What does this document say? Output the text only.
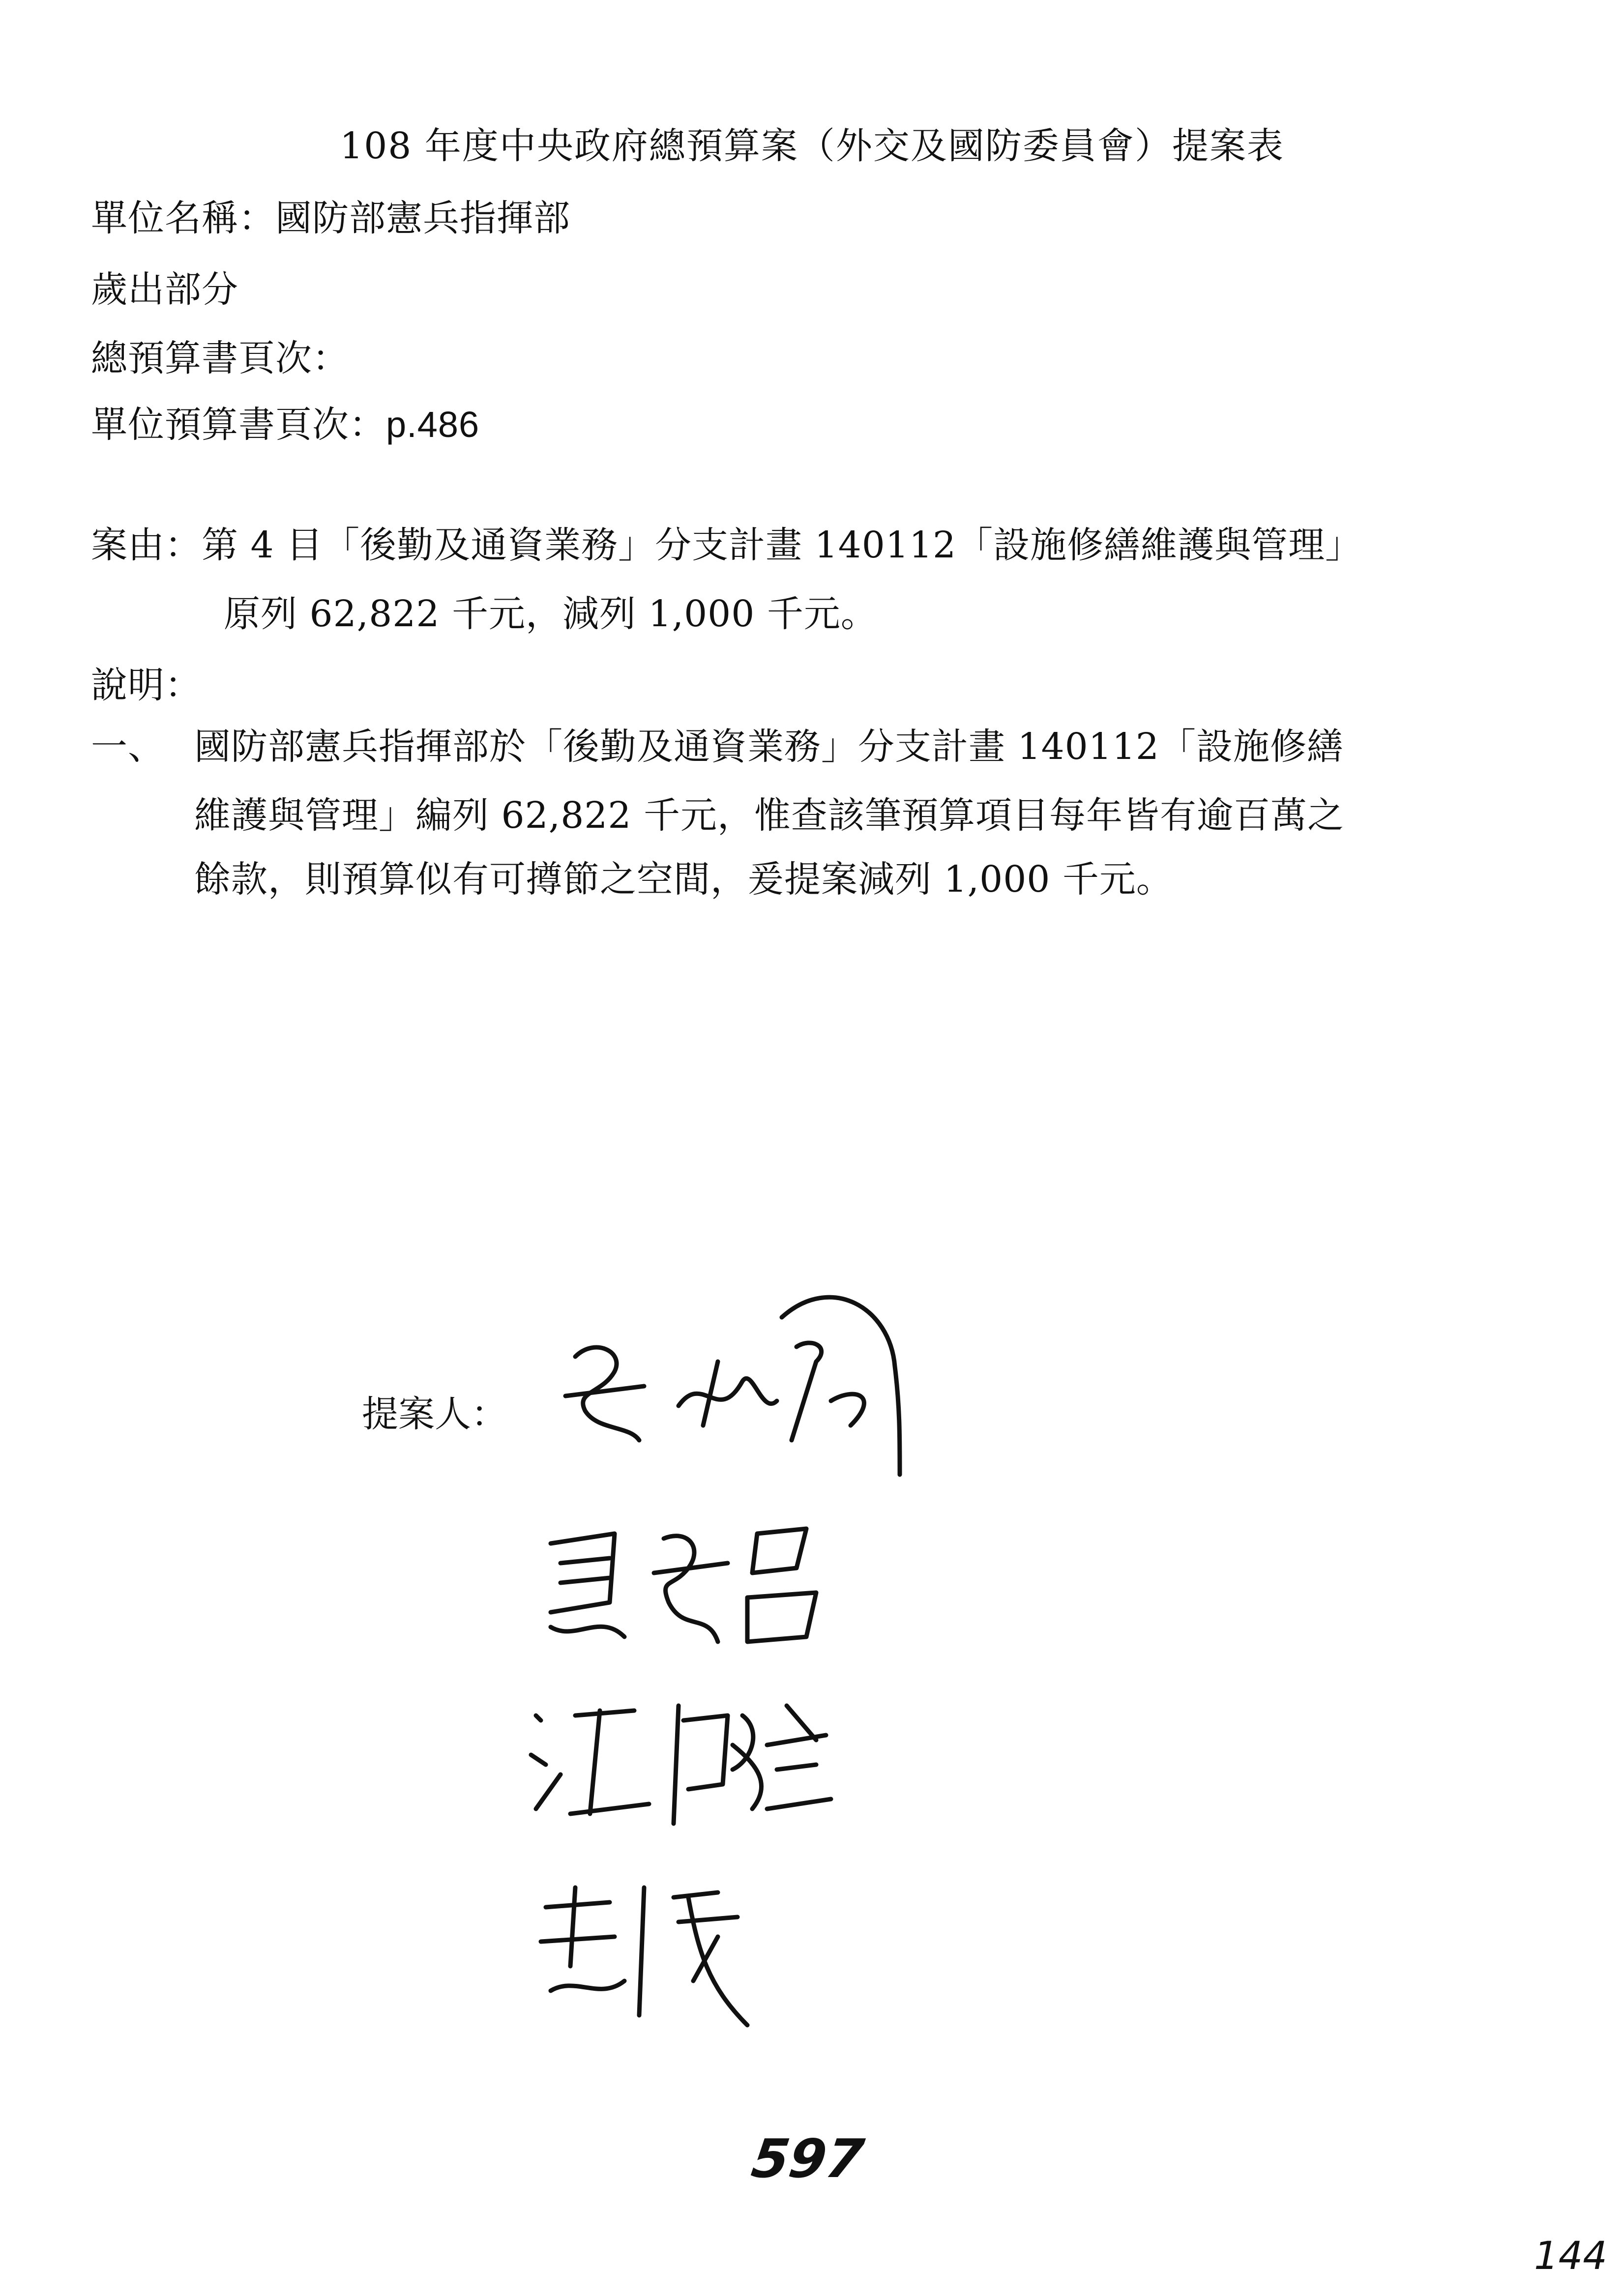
108 年度中央政府總預算案（外交及國防委員會）提案表
單位名稱：國防部憲兵指揮部
歲出部分
總預算書頁次：
單位預算書頁次：p.486
案由：第 4 目「後勤及通資業務」分支計畫 140112「設施修繕維護與管理」
原列 62,822 千元，減列 1,000 千元。
說明：
一、 國防部憲兵指揮部於「後勤及通資業務」分支計畫 140112「設施修繕
維護與管理」編列 62,822 千元，惟查該筆預算項目每年皆有逾百萬之
餘款，則預算似有可撙節之空間，爰提案減列 1,000 千元。
提案人：
597
144
